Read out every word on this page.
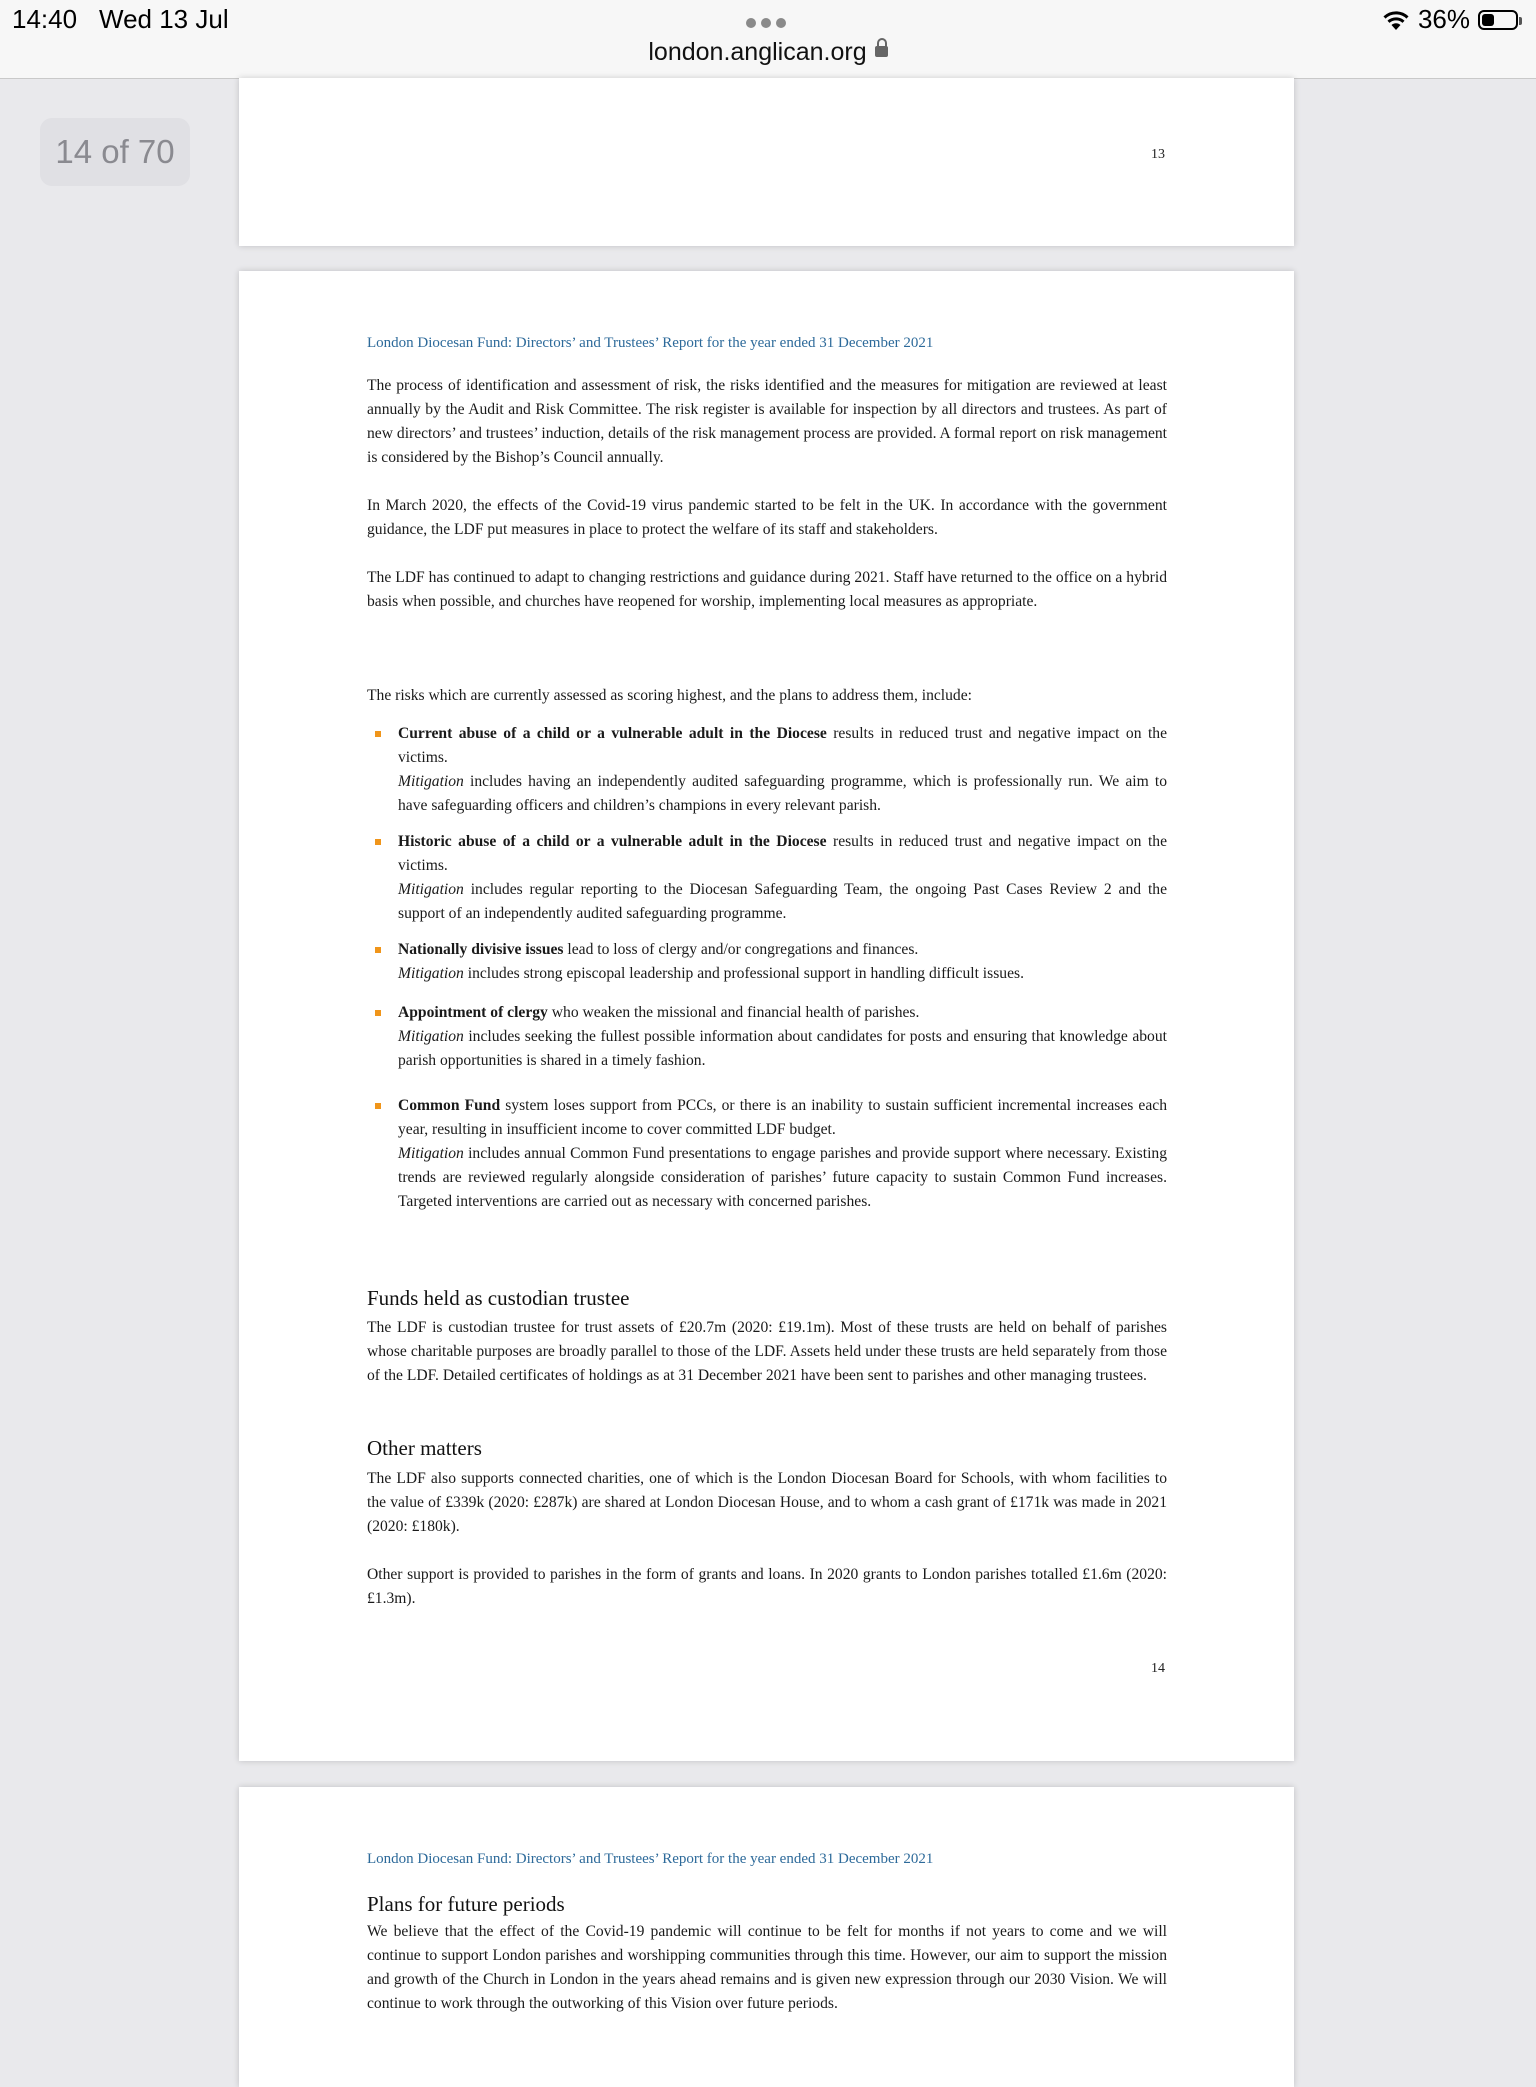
14:40 Wed 13 Jul
london.anglican.org
36%
14 of 70	13
London Diocesan Fund: Directors’ and Trustees’ Report for the year ended 31 December 2021

The process of identification and assessment of risk, the risks identified and the measures for mitigation are reviewed at least annually by the Audit and Risk Committee. The risk register is available for inspection by all directors and trustees. As part of new directors’ and trustees’ induction, details of the risk management process are provided. A formal report on risk management is considered by the Bishop’s Council annually.

In March 2020, the effects of the Covid-19 virus pandemic started to be felt in the UK. In accordance with the government guidance, the LDF put measures in place to protect the welfare of its staff and stakeholders.

The LDF has continued to adapt to changing restrictions and guidance during 2021. Staff have returned to the office on a hybrid basis when possible, and churches have reopened for worship, implementing local measures as appropriate.

The risks which are currently assessed as scoring highest, and the plans to address them, include:

Current abuse of a child or a vulnerable adult in the Diocese results in reduced trust and negative impact on the victims.

Mitigation includes having an independently audited safeguarding programme, which is professionally run. We aim to have safeguarding officers and children’s champions in every relevant parish.

Historic abuse of a child or a vulnerable adult in the Diocese results in reduced trust and negative impact on the victims.

Mitigation includes regular reporting to the Diocesan Safeguarding Team, the ongoing Past Cases Review 2 and the support of an independently audited safeguarding programme.

Nationally divisive issues lead to loss of clergy and/or congregations and finances.

Mitigation includes strong episcopal leadership and professional support in handling difficult issues.

Appointment of clergy who weaken the missional and financial health of parishes.

Mitigation includes seeking the fullest possible information about candidates for posts and ensuring that knowledge about parish opportunities is shared in a timely fashion.

Common Fund system loses support from PCCs, or there is an inability to sustain sufficient incremental increases each year, resulting in insufficient income to cover committed LDF budget.

Mitigation includes annual Common Fund presentations to engage parishes and provide support where necessary. Existing trends are reviewed regularly alongside consideration of parishes’ future capacity to sustain Common Fund increases. Targeted interventions are carried out as necessary with concerned parishes.

Funds held as custodian trustee

The LDF is custodian trustee for trust assets of £20.7m (2020: £19.1m). Most of these trusts are held on behalf of parishes whose charitable purposes are broadly parallel to those of the LDF. Assets held under these trusts are held separately from those of the LDF. Detailed certificates of holdings as at 31 December 2021 have been sent to parishes and other managing trustees.

Other matters

The LDF also supports connected charities, one of which is the London Diocesan Board for Schools, with whom facilities to the value of £339k (2020: £287k) are shared at London Diocesan House, and to whom a cash grant of £171k was made in 2021 (2020: £180k).

Other support is provided to parishes in the form of grants and loans. In 2020 grants to London parishes totalled £1.6m (2020: £1.3m).

14
London Diocesan Fund: Directors’ and Trustees’ Report for the year ended 31 December 2021
Plans for future periods

We believe that the effect of the Covid-19 pandemic will continue to be felt for months if not years to come and we will continue to support London parishes and worshipping communities through this time. However, our aim to support the mission and growth of the Church in London in the years ahead remains and is given new expression through our 2030 Vision. We will continue to work through the outworking of this Vision over future periods.
